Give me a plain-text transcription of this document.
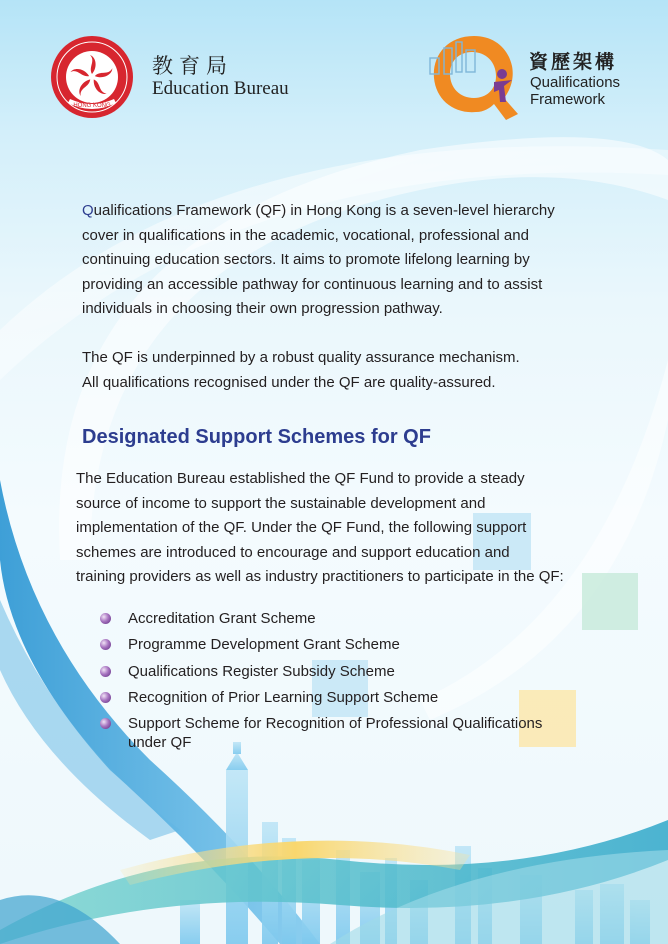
HONG KONG
教育局
Education Bureau
資歷架構
Qualifications
Framework
Qualifications Framework (QF) in Hong Kong is a seven-level hierarchy
cover in qualifications in the academic, vocational, professional and
continuing education sectors. It aims to promote lifelong learning by
providing an accessible pathway for continuous learning and to assist
individuals in choosing their own progression pathway.
The QF is underpinned by a robust quality assurance mechanism.
All qualifications recognised under the QF are quality-assured.
Designated Support Schemes for QF
The Education Bureau established the QF Fund to provide a steady
source of income to support the sustainable development and
implementation of the QF. Under the QF Fund, the following support
schemes are introduced to encourage and support education and
training providers as well as industry practitioners to participate in the QF:
Accreditation Grant Scheme
Programme Development Grant Scheme
Qualifications Register Subsidy Scheme
Recognition of Prior Learning Support Scheme
Support Scheme for Recognition of Professional Qualifications
under QF
